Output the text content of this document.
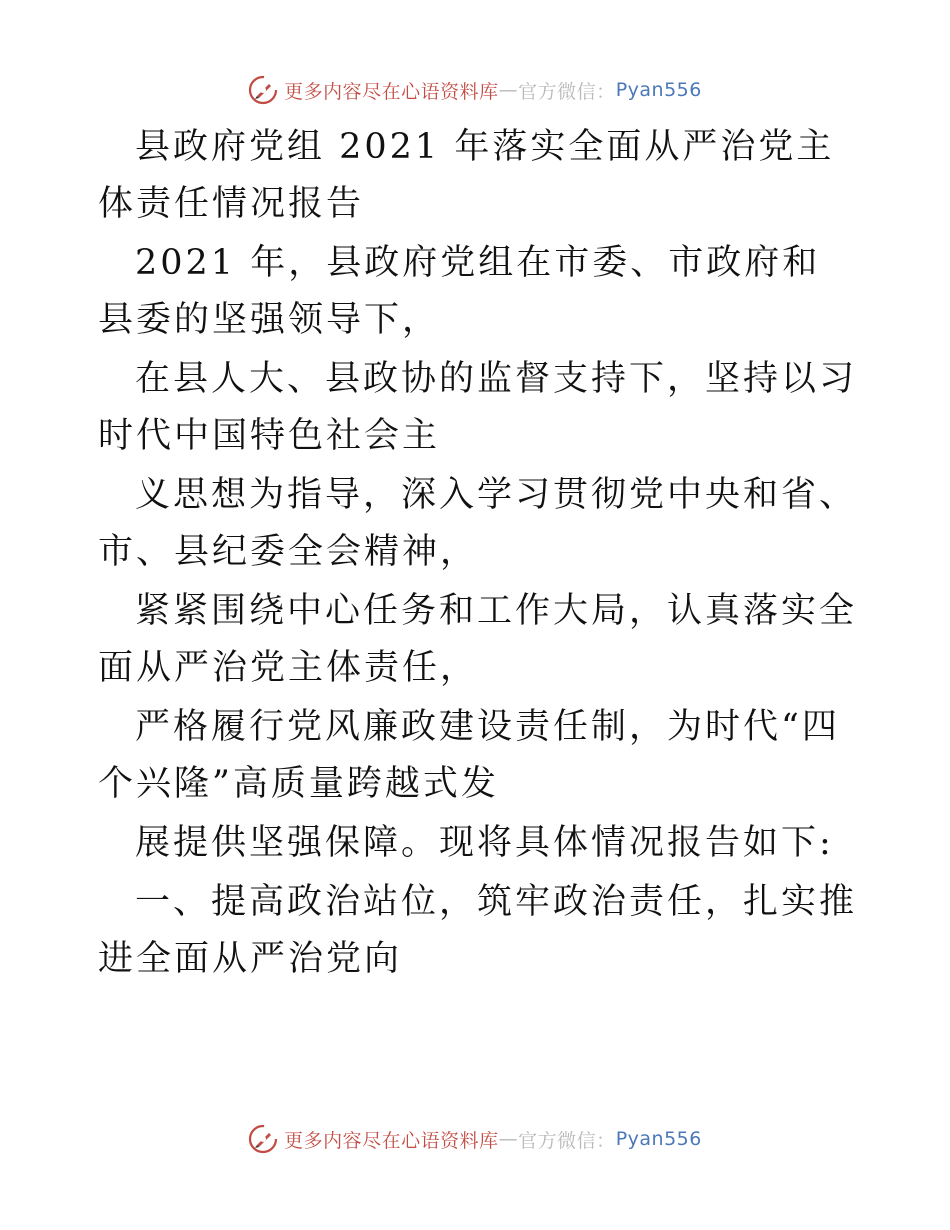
更多内容尽在心语资料库 — 官方微信： Pyan556

县政府党组 2021 年落实全面从严治党主体责任情况报告

2021 年，县政府党组在市委、市政府和县委的坚强领导下，

在县人大、县政协的监督支持下，坚持以习时代中国特色社会主

义思想为指导，深入学习贯彻党中央和省、市、县纪委全会精神，

紧紧围绕中心任务和工作大局，认真落实全面从严治党主体责任，

严格履行党风廉政建设责任制，为时代“四个兴隆”高质量跨越式发

展提供坚强保障。现将具体情况报告如下:

一、提高政治站位，筑牢政治责任，扎实推进全面从严治党向

更多内容尽在心语资料库 — 官方微信： Pyan556
